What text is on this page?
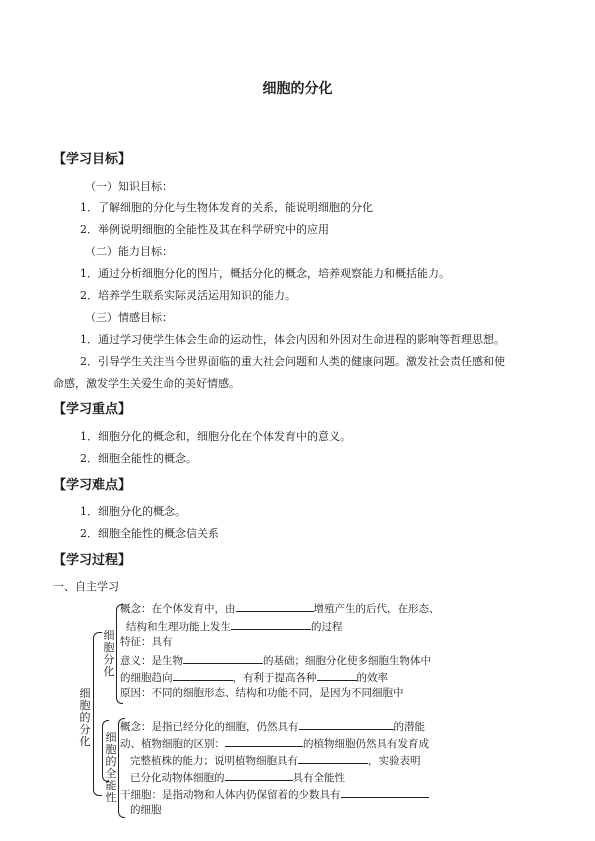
细胞的分化
【学习目标】
（一）知识目标：
1．了解细胞的分化与生物体发育的关系，能说明细胞的分化
2．举例说明细胞的全能性及其在科学研究中的应用
（二）能力目标：
1．通过分析细胞分化的图片，概括分化的概念，培养观察能力和概括能力。
2．培养学生联系实际灵活运用知识的能力。
（三）情感目标：
1．通过学习使学生体会生命的运动性，体会内因和外因对生命进程的影响等哲理思想。
2．引导学生关注当今世界面临的重大社会问题和人类的健康问题。激发社会责任感和使
命感，激发学生关爱生命的美好情感。
【学习重点】
1．细胞分化的概念和，细胞分化在个体发育中的意义。
2．细胞全能性的概念。
【学习难点】
1．细胞分化的概念。
2．细胞全能性的概念信关系
【学习过程】
一、自主学习
细胞的分化
细胞分化
概念：在个体发育中，由	增殖产生的后代，在形态、
结构和生理功能上发生	的过程
特征：具有
意义：是生物	的基础；细胞分化使多细胞生物体中
的细胞趋向	，有利于提高各种	的效率
原因：不同的细胞形态、结构和功能不同，是因为不同细胞中
细胞的全能性
概念：是指已经分化的细胞，仍然具有	的潜能
动、植物细胞的区别：	的植物细胞仍然具有发育成
完整植株的能力；说明植物细胞具有	，实验表明
已分化动物体细胞的	具有全能性
干细胞：是指动物和人体内仍保留着的少数具有
的细胞
